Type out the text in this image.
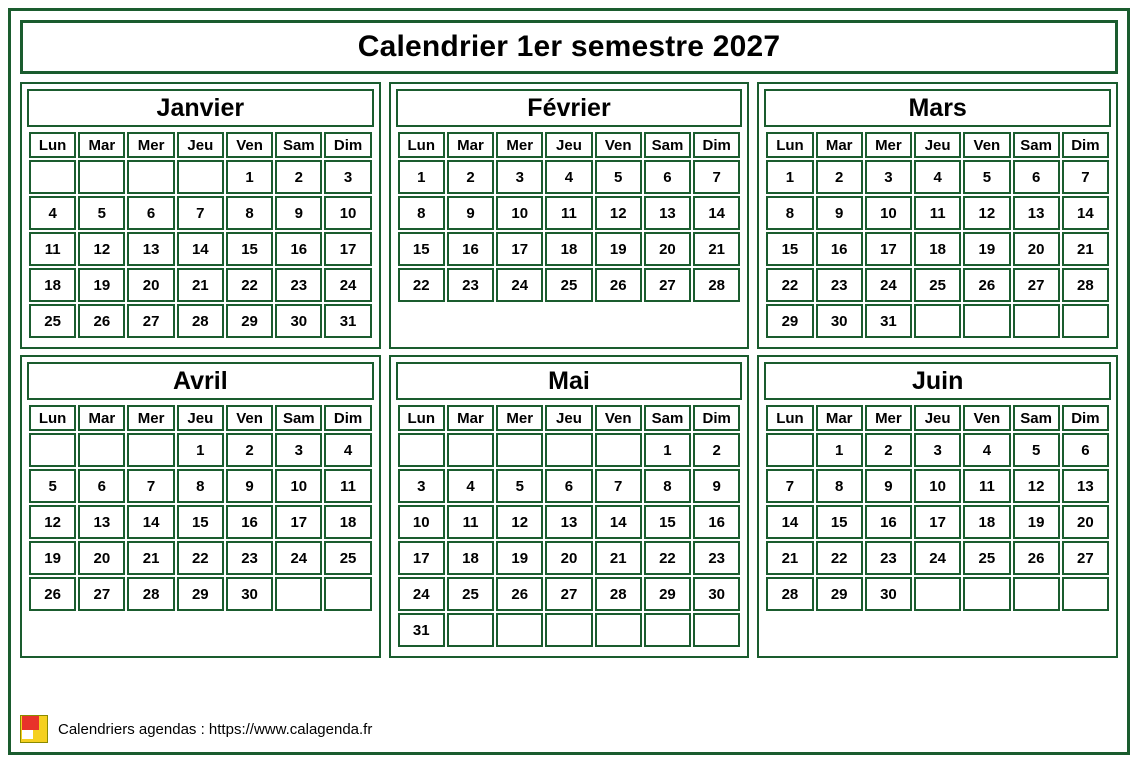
Calendrier 1er semestre 2027
Janvier
Lun	Mar	Mer	Jeu	Ven	Sam	Dim
				1	2	3
4	5	6	7	8	9	10
11	12	13	14	15	16	17
18	19	20	21	22	23	24
25	26	27	28	29	30	31
Février
Lun	Mar	Mer	Jeu	Ven	Sam	Dim
1	2	3	4	5	6	7
8	9	10	11	12	13	14
15	16	17	18	19	20	21
22	23	24	25	26	27	28

Mars
Lun	Mar	Mer	Jeu	Ven	Sam	Dim
1	2	3	4	5	6	7
8	9	10	11	12	13	14
15	16	17	18	19	20	21
22	23	24	25	26	27	28
29	30	31				
Avril
Lun	Mar	Mer	Jeu	Ven	Sam	Dim
			1	2	3	4
5	6	7	8	9	10	11
12	13	14	15	16	17	18
19	20	21	22	23	24	25
26	27	28	29	30		

Mai
Lun	Mar	Mer	Jeu	Ven	Sam	Dim
					1	2
3	4	5	6	7	8	9
10	11	12	13	14	15	16
17	18	19	20	21	22	23
24	25	26	27	28	29	30
31						
Juin
Lun	Mar	Mer	Jeu	Ven	Sam	Dim
	1	2	3	4	5	6
7	8	9	10	11	12	13
14	15	16	17	18	19	20
21	22	23	24	25	26	27
28	29	30				

Calendriers agendas : https://www.calagenda.fr
